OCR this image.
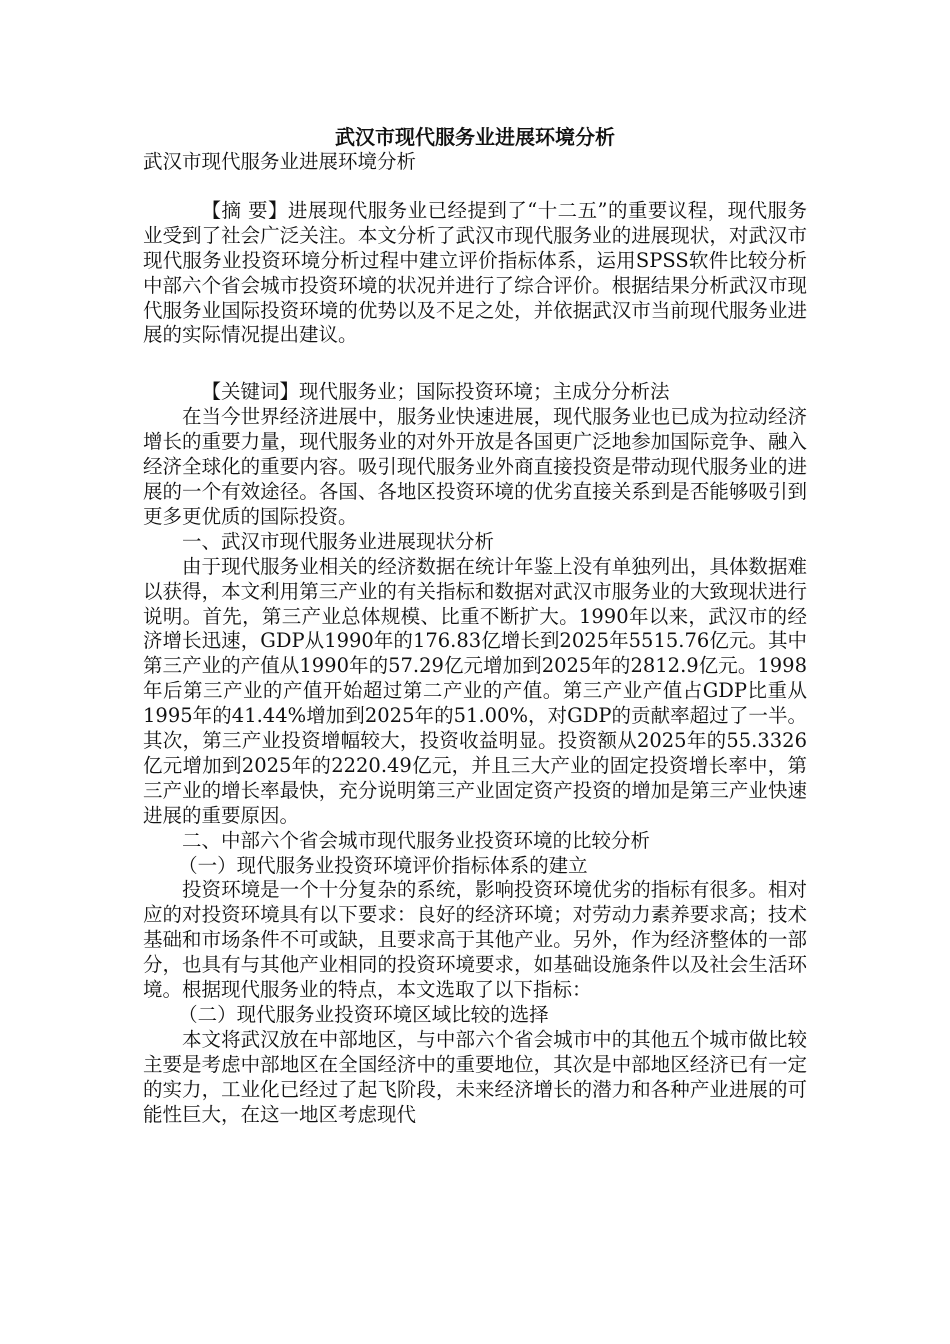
武汉市现代服务业进展环境分析

武汉市现代服务业进展环境分析

【摘 要】进展现代服务业已经提到了“十二五”的重要议程，现代服务业受到了社会广泛关注。本文分析了武汉市现代服务业的进展现状，对武汉市现代服务业投资环境分析过程中建立评价指标体系，运用SPSS软件比较分析中部六个省会城市投资环境的状况并进行了综合评价。根据结果分析武汉市现代服务业国际投资环境的优势以及不足之处，并依据武汉市当前现代服务业进展的实际情况提出建议。

【关键词】现代服务业；国际投资环境；主成分分析法

在当今世界经济进展中，服务业快速进展，现代服务业也已成为拉动经济增长的重要力量，现代服务业的对外开放是各国更广泛地参加国际竞争、融入经济全球化的重要内容。吸引现代服务业外商直接投资是带动现代服务业的进展的一个有效途径。各国、各地区投资环境的优劣直接关系到是否能够吸引到更多更优质的国际投资。

一、武汉市现代服务业进展现状分析

由于现代服务业相关的经济数据在统计年鉴上没有单独列出，具体数据难以获得，本文利用第三产业的有关指标和数据对武汉市服务业的大致现状进行说明。首先，第三产业总体规模、比重不断扩大。1990年以来，武汉市的经济增长迅速，GDP从1990年的176.83亿增长到2025年5515.76亿元。其中第三产业的产值从1990年的57.29亿元增加到2025年的2812.9亿元。1998年后第三产业的产值开始超过第二产业的产值。第三产业产值占GDP比重从1995年的41.44%增加到2025年的51.00%，对GDP的贡献率超过了一半。其次，第三产业投资增幅较大，投资收益明显。投资额从2025年的55.3326亿元增加到2025年的2220.49亿元，并且三大产业的固定投资增长率中，第三产业的增长率最快，充分说明第三产业固定资产投资的增加是第三产业快速进展的重要原因。

二、中部六个省会城市现代服务业投资环境的比较分析

（一）现代服务业投资环境评价指标体系的建立

投资环境是一个十分复杂的系统，影响投资环境优劣的指标有很多。相对应的对投资环境具有以下要求：良好的经济环境；对劳动力素养要求高；技术基础和市场条件不可或缺，且要求高于其他产业。另外，作为经济整体的一部分，也具有与其他产业相同的投资环境要求，如基础设施条件以及社会生活环境。根据现代服务业的特点，本文选取了以下指标：

（二）现代服务业投资环境区域比较的选择

本文将武汉放在中部地区，与中部六个省会城市中的其他五个城市做比较主要是考虑中部地区在全国经济中的重要地位，其次是中部地区经济已有一定的实力，工业化已经过了起飞阶段，未来经济增长的潜力和各种产业进展的可能性巨大，在这一地区考虑现代
